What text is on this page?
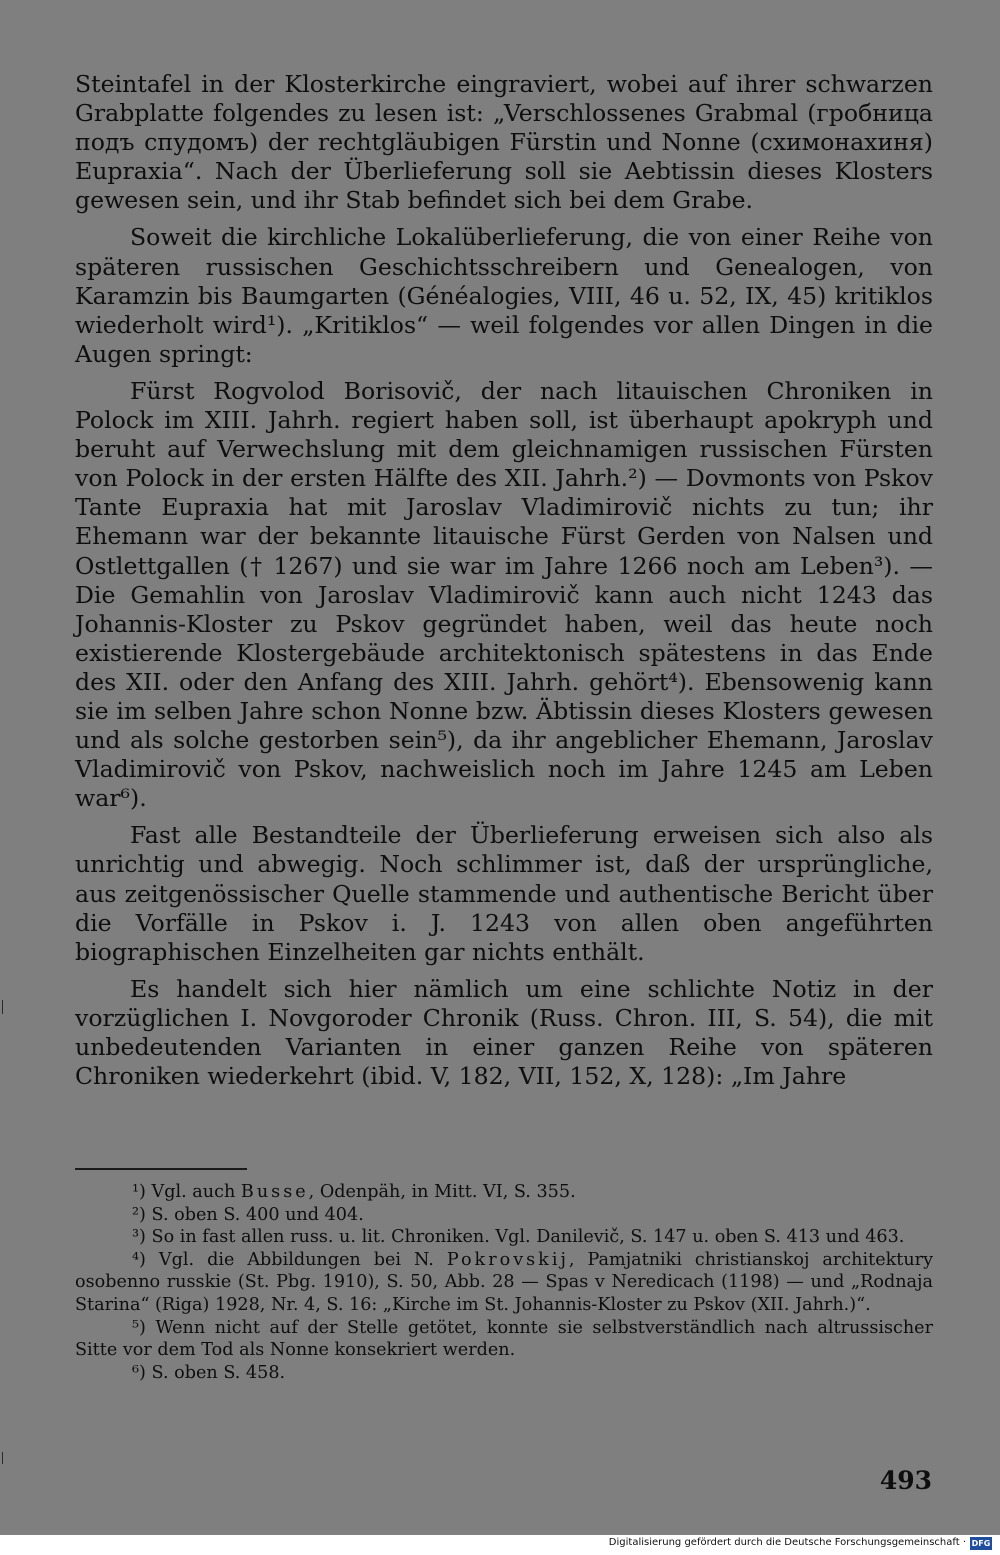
Steintafel in der Klosterkirche eingraviert, wobei auf ihrer schwarzen Grabplatte folgendes zu lesen ist: „Verschlossenes Grabmal (гробница подъ спудомъ) der rechtgläubigen Fürstin und Nonne (схимонахиня) Eupraxia“. Nach der Überlieferung soll sie Aebtissin dieses Klosters gewesen sein, und ihr Stab befindet sich bei dem Grabe.

Soweit die kirchliche Lokalüberlieferung, die von einer Reihe von späteren russischen Geschichtsschreibern und Genealogen, von Karamzin bis Baumgarten (Généalogies, VIII, 46 u. 52, IX, 45) kritiklos wiederholt wird¹). „Kritiklos“ — weil folgendes vor allen Dingen in die Augen springt:

Fürst Rogvolod Borisovič, der nach litauischen Chroniken in Polock im XIII. Jahrh. regiert haben soll, ist überhaupt apokryph und beruht auf Verwechslung mit dem gleichnamigen russischen Fürsten von Polock in der ersten Hälfte des XII. Jahrh.²) — Dovmonts von Pskov Tante Eupraxia hat mit Jaroslav Vladimirovič nichts zu tun; ihr Ehemann war der bekannte litauische Fürst Gerden von Nalsen und Ostlettgallen († 1267) und sie war im Jahre 1266 noch am Leben³). — Die Gemahlin von Jaroslav Vladimirovič kann auch nicht 1243 das Johannis-Kloster zu Pskov gegründet haben, weil das heute noch existierende Klostergebäude architektonisch spätestens in das Ende des XII. oder den Anfang des XIII. Jahrh. gehört⁴). Ebensowenig kann sie im selben Jahre schon Nonne bzw. Äbtissin dieses Klosters gewesen und als solche gestorben sein⁵), da ihr angeblicher Ehemann, Jaroslav Vladimirovič von Pskov, nachweislich noch im Jahre 1245 am Leben war⁶).

Fast alle Bestandteile der Überlieferung erweisen sich also als unrichtig und abwegig. Noch schlimmer ist, daß der ursprüngliche, aus zeitgenössischer Quelle stammende und authentische Bericht über die Vorfälle in Pskov i. J. 1243 von allen oben angeführten biographischen Einzelheiten gar nichts enthält.

Es handelt sich hier nämlich um eine schlichte Notiz in der vorzüglichen I. Novgoroder Chronik (Russ. Chron. III, S. 54), die mit unbedeutenden Varianten in einer ganzen Reihe von späteren Chroniken wiederkehrt (ibid. V, 182, VII, 152, X, 128): „Im Jahre

¹) Vgl. auch Busse, Odenpäh, in Mitt. VI, S. 355.

²) S. oben S. 400 und 404.

³) So in fast allen russ. u. lit. Chroniken. Vgl. Danilevič, S. 147 u. oben S. 413 und 463.

⁴) Vgl. die Abbildungen bei N. Pokrovskij, Pamjatniki christianskoj architektury osobenno russkie (St. Pbg. 1910), S. 50, Abb. 28 — Spas v Neredicach (1198) — und „Rodnaja Starina“ (Riga) 1928, Nr. 4, S. 16: „Kirche im St. Johannis-Kloster zu Pskov (XII. Jahrh.)“.

⁵) Wenn nicht auf der Stelle getötet, konnte sie selbstverständlich nach altrussischer Sitte vor dem Tod als Nonne konsekriert werden.

⁶) S. oben S. 458.

493
Digitalisierung gefördert durch die Deutsche Forschungsgemeinschaft · DFG
